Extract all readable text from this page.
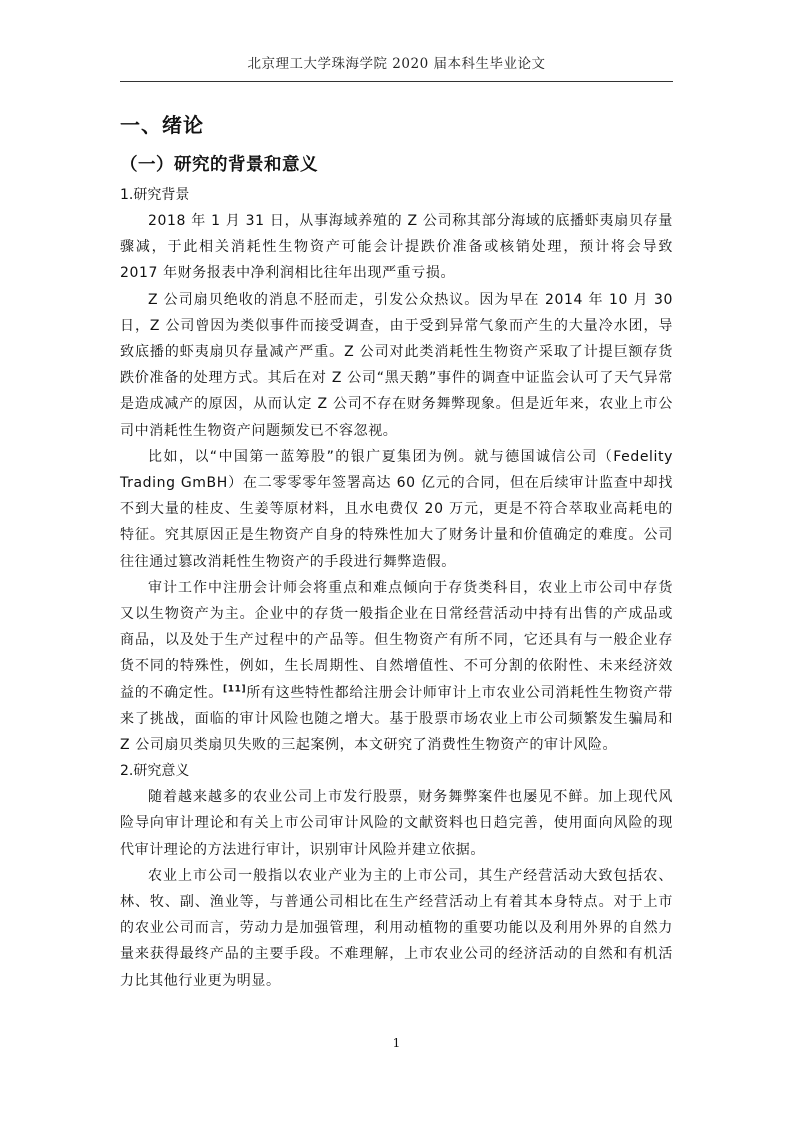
北京理工大学珠海学院 2020 届本科生毕业论文
一、绪论
（一）研究的背景和意义
1.研究背景

2018 年 1 月 31 日，从事海域养殖的 Z 公司称其部分海域的底播虾夷扇贝存量骤减，于此相关消耗性生物资产可能会计提跌价准备或核销处理，预计将会导致 2017 年财务报表中净利润相比往年出现严重亏损。

Z 公司扇贝绝收的消息不胫而走，引发公众热议。因为早在 2014 年 10 月 30 日，Z 公司曾因为类似事件而接受调查，由于受到异常气象而产生的大量冷水团，导致底播的虾夷扇贝存量减产严重。Z 公司对此类消耗性生物资产采取了计提巨额存货跌价准备的处理方式。其后在对 Z 公司“黑天鹅”事件的调查中证监会认可了天气异常是造成减产的原因，从而认定 Z 公司不存在财务舞弊现象。但是近年来，农业上市公司中消耗性生物资产问题频发已不容忽视。

比如，以“中国第一蓝筹股”的银广夏集团为例。就与德国诚信公司（Fedelity Trading GmBH）在二零零零年签署高达 60 亿元的合同，但在后续审计监查中却找不到大量的桂皮、生姜等原材料，且水电费仅 20 万元，更是不符合萃取业高耗电的特征。究其原因正是生物资产自身的特殊性加大了财务计量和价值确定的难度。公司往往通过篡改消耗性生物资产的手段进行舞弊造假。

审计工作中注册会计师会将重点和难点倾向于存货类科目，农业上市公司中存货又以生物资产为主。企业中的存货一般指企业在日常经营活动中持有出售的产成品或商品，以及处于生产过程中的产品等。但生物资产有所不同，它还具有与一般企业存货不同的特殊性，例如，生长周期性、自然增值性、不可分割的依附性、未来经济效益的不确定性。[11]所有这些特性都给注册会计师审计上市农业公司消耗性生物资产带来了挑战，面临的审计风险也随之增大。基于股票市场农业上市公司频繁发生骗局和 Z 公司扇贝类扇贝失败的三起案例，本文研究了消费性生物资产的审计风险。

2.研究意义

随着越来越多的农业公司上市发行股票，财务舞弊案件也屡见不鲜。加上现代风险导向审计理论和有关上市公司审计风险的文献资料也日趋完善，使用面向风险的现代审计理论的方法进行审计，识别审计风险并建立依据。

农业上市公司一般指以农业产业为主的上市公司，其生产经营活动大致包括农、林、牧、副、渔业等，与普通公司相比在生产经营活动上有着其本身特点。对于上市的农业公司而言，劳动力是加强管理，利用动植物的重要功能以及利用外界的自然力量来获得最终产品的主要手段。不难理解，上市农业公司的经济活动的自然和有机活力比其他行业更为明显。

1
